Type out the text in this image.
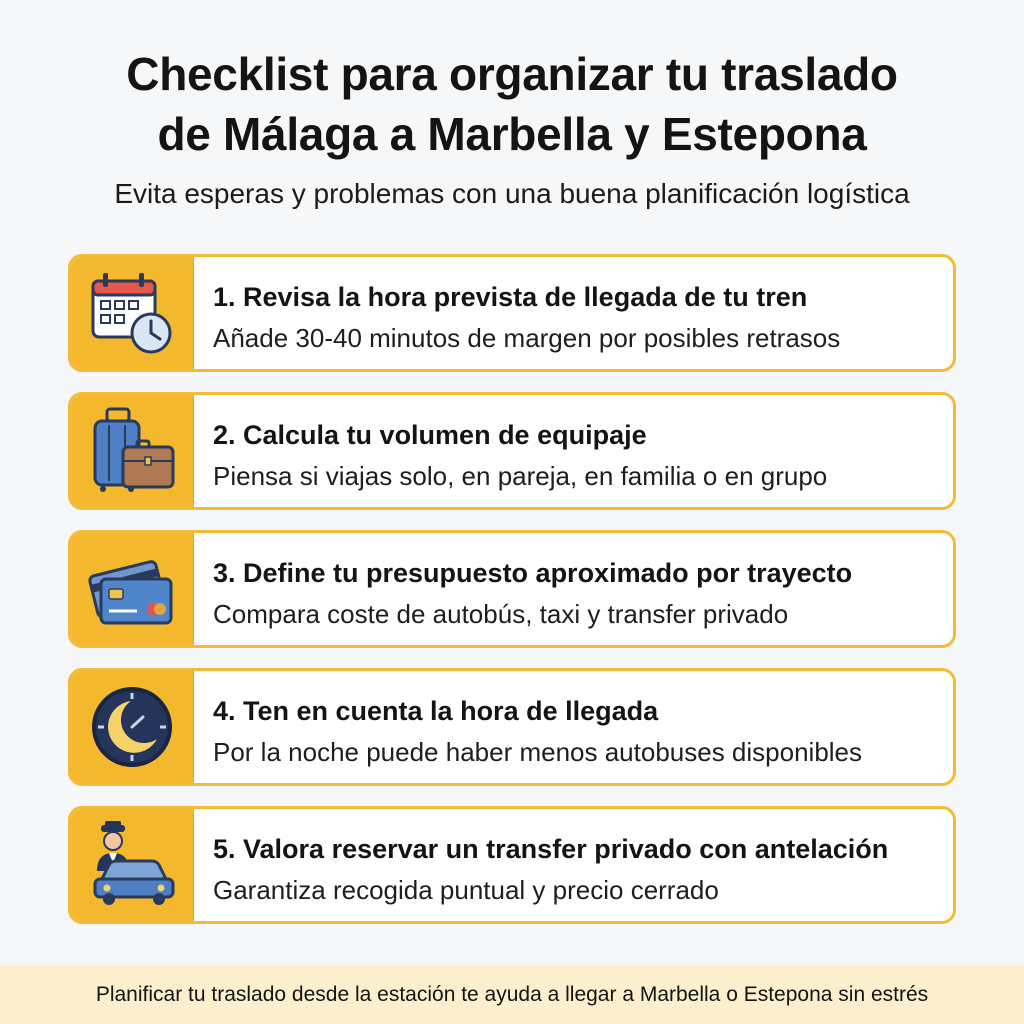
Checklist para organizar tu traslado
de Málaga a Marbella y Estepona
Evita esperas y problemas con una buena planificación logística
1. Revisa la hora prevista de llegada de tu tren
Añade 30-40 minutos de margen por posibles retrasos
2. Calcula tu volumen de equipaje
Piensa si viajas solo, en pareja, en familia o en grupo
3. Define tu presupuesto aproximado por trayecto
Compara coste de autobús, taxi y transfer privado
4. Ten en cuenta la hora de llegada
Por la noche puede haber menos autobuses disponibles
5. Valora reservar un transfer privado con antelación
Garantiza recogida puntual y precio cerrado
Planificar tu traslado desde la estación te ayuda a llegar a Marbella o Estepona sin estrés
